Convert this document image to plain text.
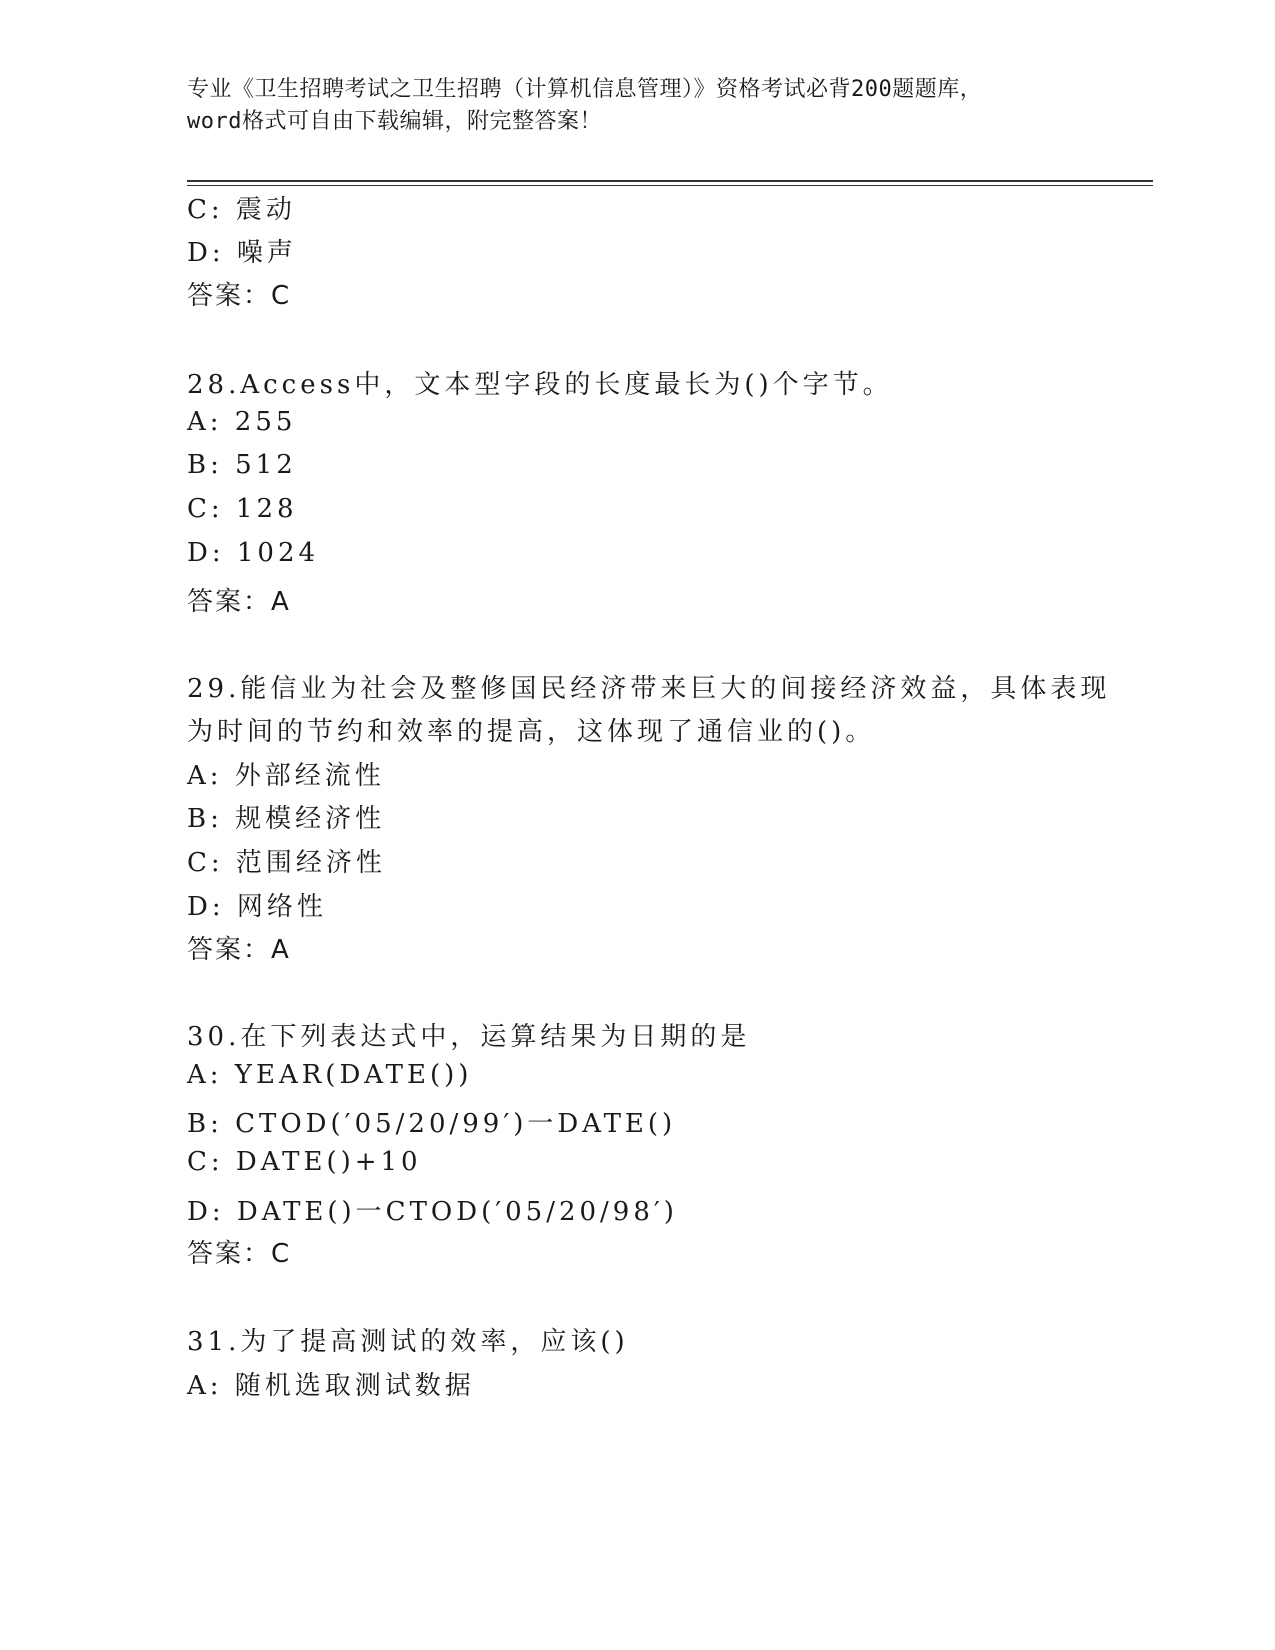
专业《卫生招聘考试之卫生招聘（计算机信息管理）》资格考试必背200题题库，
word格式可自由下载编辑，附完整答案！
C: 震动
D: 噪声
答案：C
28.Access中，文本型字段的长度最长为()个字节。
A: 255
B: 512
C: 128
D: 1024
答案：A
29.能信业为社会及整修国民经济带来巨大的间接经济效益，具体表现
为时间的节约和效率的提高，这体现了通信业的()。
A: 外部经流性
B: 规模经济性
C: 范围经济性
D: 网络性
答案：A
30.在下列表达式中，运算结果为日期的是
A: YEAR(DATE())
B: CTOD(′05/20/99′)一DATE()
C: DATE()+10
D: DATE()一CTOD(′05/20/98′)
答案：C
31.为了提高测试的效率，应该()
A: 随机选取测试数据
